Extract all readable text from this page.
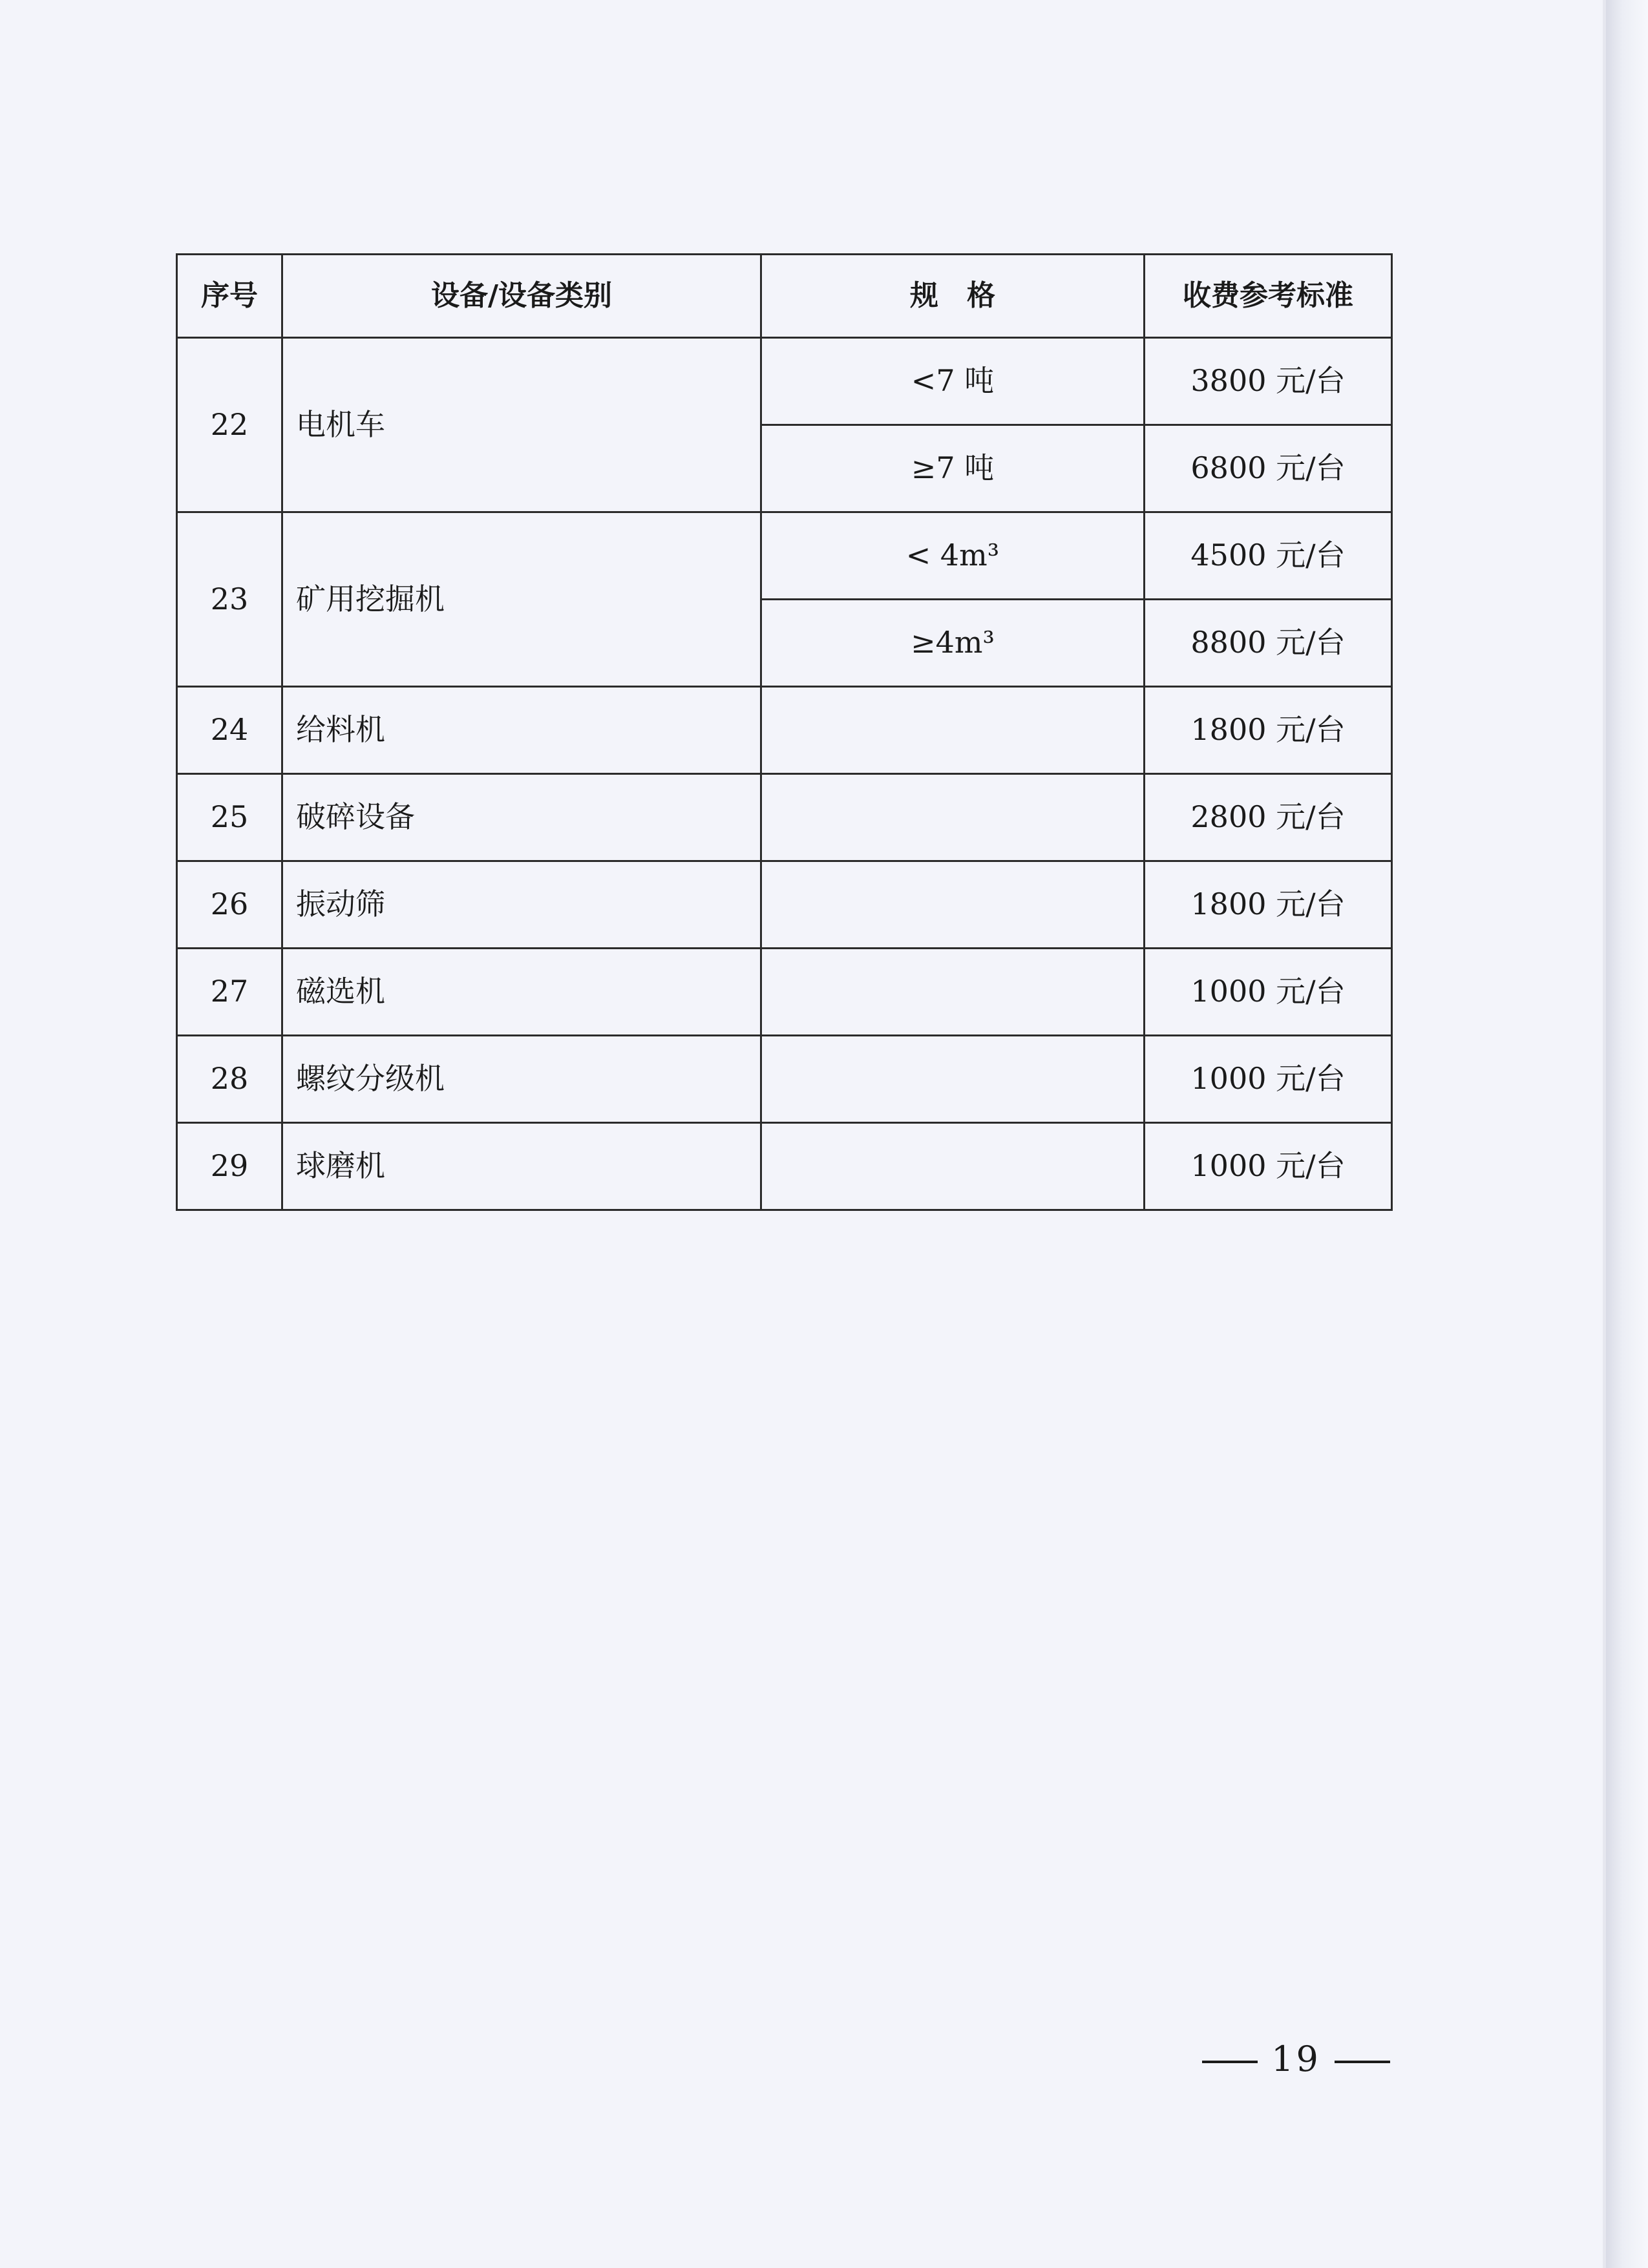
序号	设备/设备类别	规　格	收费参考标准
22	电机车	<7 吨	3800 元/台
		≥7 吨	6800 元/台
23	矿用挖掘机	< 4m³	4500 元/台
		≥4m³	8800 元/台
24	给料机		1800 元/台
25	破碎设备		2800 元/台
26	振动筛		1800 元/台
27	磁选机		1000 元/台
28	螺纹分级机		1000 元/台
29	球磨机		1000 元/台
19
